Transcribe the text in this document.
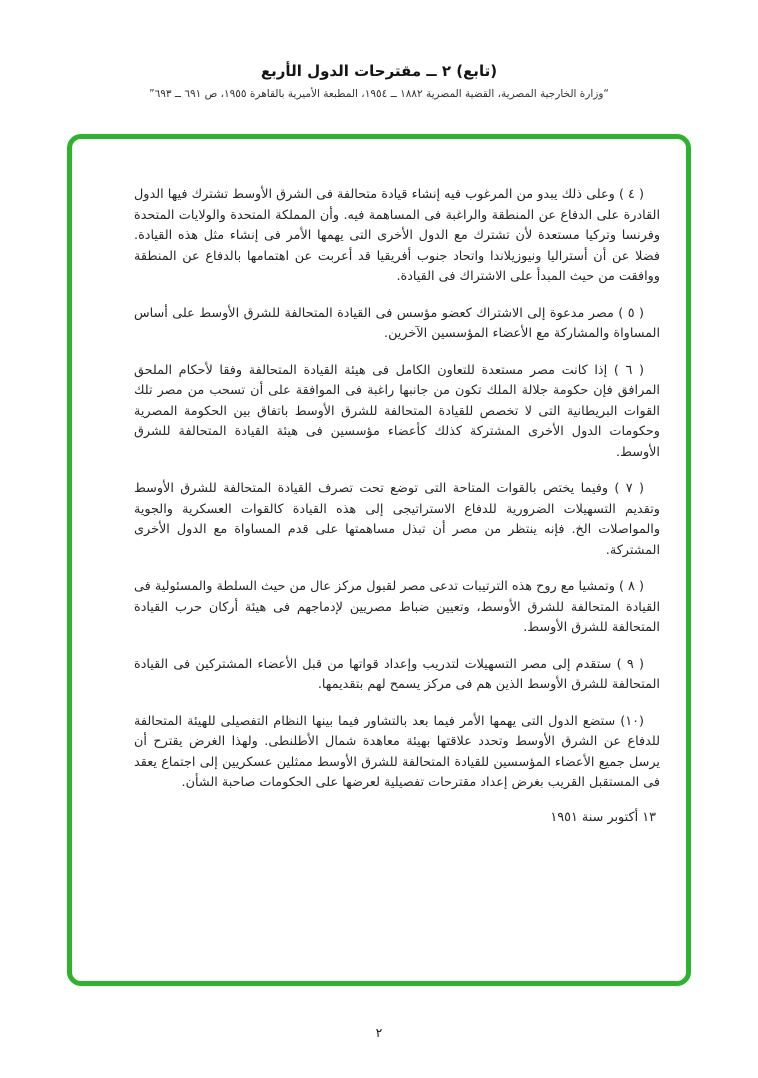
(تابع) ٢ ــ مقترحات الدول الأربع
“وزارة الخارجية المصرية، القضية المصرية ١٨٨٢ ــ ١٩٥٤، المطبعة الأميرية بالقاهرة ١٩٥٥، ص ٦٩١ ــ ٦٩٣”

( ٤ ) وعلى ذلك يبدو من المرغوب فيه إنشاء قيادة متحالفة فى الشرق الأوسط تشترك فيها الدول القادرة على الدفاع عن المنطقة والراغبة فى المساهمة فيه. وأن المملكة المتحدة والولايات المتحدة وفرنسا وتركيا مستعدة لأن تشترك مع الدول الأخرى التى يهمها الأمر فى إنشاء مثل هذه القيادة. فضلا عن أن أستراليا ونيوزيلاندا واتحاد جنوب أفريقيا قد أعربت عن اهتمامها بالدفاع عن المنطقة ووافقت من حيث المبدأ على الاشتراك فى القيادة.

( ٥ ) مصر مدعوة إلى الاشتراك كعضو مؤسس فى القيادة المتحالفة للشرق الأوسط على أساس المساواة والمشاركة مع الأعضاء المؤسسين الآخرين.

( ٦ ) إذا كانت مصر مستعدة للتعاون الكامل فى هيئة القيادة المتحالفة وفقا لأحكام الملحق المرافق فإن حكومة جلالة الملك تكون من جانبها راغبة فى الموافقة على أن تسحب من مصر تلك القوات البريطانية التى لا تخصص للقيادة المتحالفة للشرق الأوسط باتفاق بين الحكومة المصرية وحكومات الدول الأخرى المشتركة كذلك كأعضاء مؤسسين فى هيئة القيادة المتحالفة للشرق الأوسط.

( ٧ ) وفيما يختص بالقوات المتاحة التى توضع تحت تصرف القيادة المتحالفة للشرق الأوسط وتقديم التسهيلات الضرورية للدفاع الاستراتيجى إلى هذه القيادة كالقوات العسكرية والجوية والمواصلات الخ. فإنه ينتظر من مصر أن تبذل مساهمتها على قدم المساواة مع الدول الأخرى المشتركة.

( ٨ ) وتمشيا مع روح هذه الترتيبات تدعى مصر لقبول مركز عال من حيث السلطة والمسئولية فى القيادة المتحالفة للشرق الأوسط، وتعيين ضباط مصريين لإدماجهم فى هيئة أركان حرب القيادة المتحالفة للشرق الأوسط.

( ٩ ) ستقدم إلى مصر التسهيلات لتدريب وإعداد قواتها من قبل الأعضاء المشتركين فى القيادة المتحالفة للشرق الأوسط الذين هم فى مركز يسمح لهم بتقديمها.

(١٠) ستضع الدول التى يهمها الأمر فيما بعد بالتشاور فيما بينها النظام التفصيلى للهيئة المتحالفة للدفاع عن الشرق الأوسط وتحدد علاقتها بهيئة معاهدة شمال الأطلنطى. ولهذا الغرض يقترح أن يرسل جميع الأعضاء المؤسسين للقيادة المتحالفة للشرق الأوسط ممثلين عسكريين إلى اجتماع يعقد فى المستقبل القريب بغرض إعداد مقترحات تفصيلية لعرضها على الحكومات صاحبة الشأن.

١٣ أكتوبر سنة ١٩٥١
٢
